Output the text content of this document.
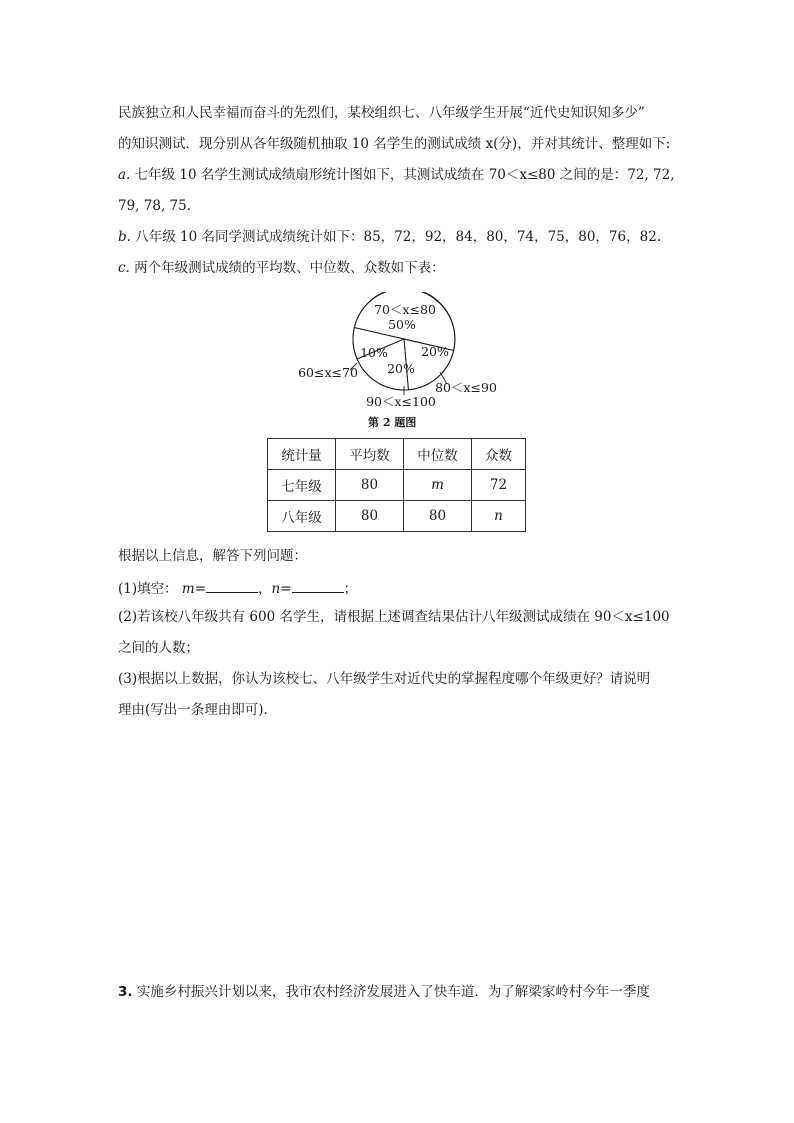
民族独立和人民幸福而奋斗的先烈们，某校组织七、八年级学生开展“近代史知识知多少”
的知识测试．现分别从各年级随机抽取 10 名学生的测试成绩 x(分)，并对其统计、整理如下:
a. 七年级 10 名学生测试成绩扇形统计图如下，其测试成绩在 70＜x≤80 之间的是：72, 72,
79, 78, 75.
b. 八年级 10 名同学测试成绩统计如下：85，72，92，84，80，74，75，80，76，82.
c. 两个年级测试成绩的平均数、中位数、众数如下表：
70＜x≤80
50%
20%
20%
10%
80＜x≤90
90＜x≤100
60≤x≤70
第 2 题图
统计量	平均数	中位数	众数
七年级	80	m	72
八年级	80	80	n
根据以上信息，解答下列问题：
(1)填空： m=	，n=	；
(2)若该校八年级共有 600 名学生，请根据上述调查结果估计八年级测试成绩在 90＜x≤100
之间的人数；
(3)根据以上数据，你认为该校七、八年级学生对近代史的掌握程度哪个年级更好？请说明
理由(写出一条理由即可).
3. 实施乡村振兴计划以来，我市农村经济发展进入了快车道．为了解梁家岭村今年一季度
